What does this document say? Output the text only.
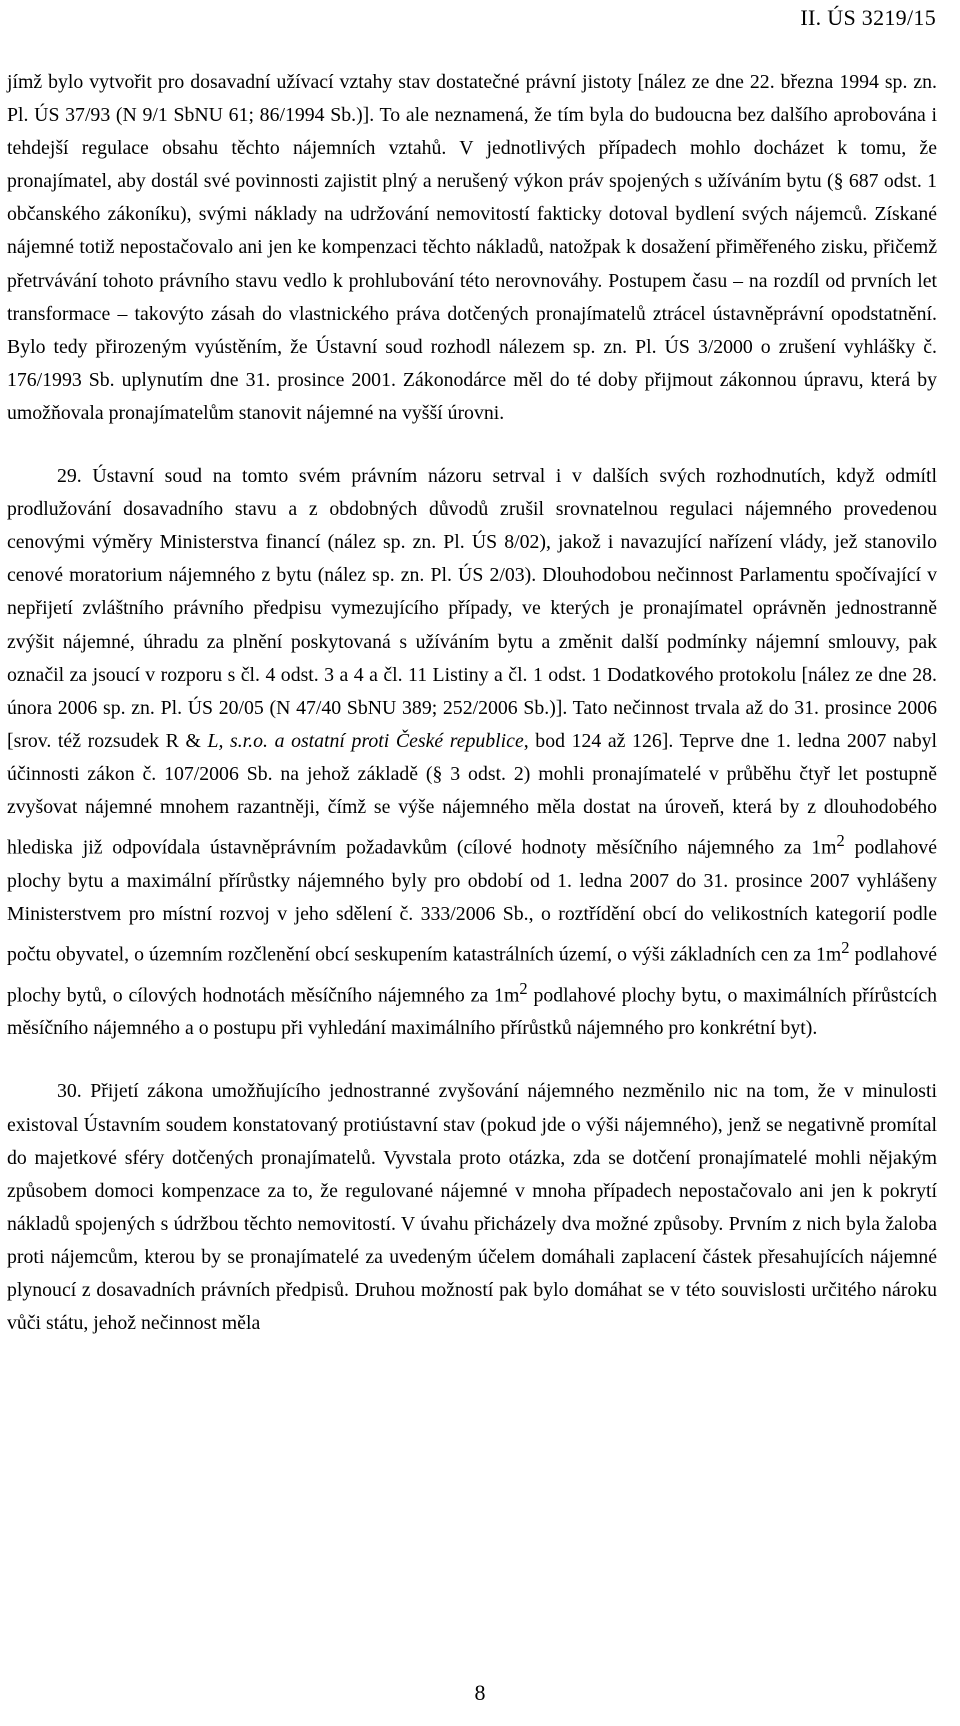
II. ÚS 3219/15

jímž bylo vytvořit pro dosavadní užívací vztahy stav dostatečné právní jistoty [nález ze dne 22. března 1994 sp. zn. Pl. ÚS 37/93 (N 9/1 SbNU 61; 86/1994 Sb.)]. To ale neznamená, že tím byla do budoucna bez dalšího aprobována i tehdejší regulace obsahu těchto nájemních vztahů. V jednotlivých případech mohlo docházet k tomu, že pronajímatel, aby dostál své povinnosti zajistit plný a nerušený výkon práv spojených s užíváním bytu (§ 687 odst. 1 občanského zákoníku), svými náklady na udržování nemovitostí fakticky dotoval bydlení svých nájemců. Získané nájemné totiž nepostačovalo ani jen ke kompenzaci těchto nákladů, natožpak k dosažení přiměřeného zisku, přičemž přetrvávání tohoto právního stavu vedlo k prohlubování této nerovnováhy. Postupem času – na rozdíl od prvních let transformace – takovýto zásah do vlastnického práva dotčených pronajímatelů ztrácel ústavněprávní opodstatnění. Bylo tedy přirozeným vyústěním, že Ústavní soud rozhodl nálezem sp. zn. Pl. ÚS 3/2000 o zrušení vyhlášky č. 176/1993 Sb. uplynutím dne 31. prosince 2001. Zákonodárce měl do té doby přijmout zákonnou úpravu, která by umožňovala pronajímatelům stanovit nájemné na vyšší úrovni.

29. Ústavní soud na tomto svém právním názoru setrval i v dalších svých rozhodnutích, když odmítl prodlužování dosavadního stavu a z obdobných důvodů zrušil srovnatelnou regulaci nájemného provedenou cenovými výměry Ministerstva financí (nález sp. zn. Pl. ÚS 8/02), jakož i navazující nařízení vlády, jež stanovilo cenové moratorium nájemného z bytu (nález sp. zn. Pl. ÚS 2/03). Dlouhodobou nečinnost Parlamentu spočívající v nepřijetí zvláštního právního předpisu vymezujícího případy, ve kterých je pronajímatel oprávněn jednostranně zvýšit nájemné, úhradu za plnění poskytovaná s užíváním bytu a změnit další podmínky nájemní smlouvy, pak označil za jsoucí v rozporu s čl. 4 odst. 3 a 4 a čl. 11 Listiny a čl. 1 odst. 1 Dodatkového protokolu [nález ze dne 28. února 2006 sp. zn. Pl. ÚS 20/05 (N 47/40 SbNU 389; 252/2006 Sb.)]. Tato nečinnost trvala až do 31. prosince 2006 [srov. též rozsudek R & L, s.r.o. a ostatní proti České republice, bod 124 až 126]. Teprve dne 1. ledna 2007 nabyl účinnosti zákon č. 107/2006 Sb. na jehož základě (§ 3 odst. 2) mohli pronajímatelé v průběhu čtyř let postupně zvyšovat nájemné mnohem razantněji, čímž se výše nájemného měla dostat na úroveň, která by z dlouhodobého hlediska již odpovídala ústavněprávním požadavkům (cílové hodnoty měsíčního nájemného za $1m^2$ podlahové plochy bytu a maximální přírůstky nájemného byly pro období od 1. ledna 2007 do 31. prosince 2007 vyhlášeny Ministerstvem pro místní rozvoj v jeho sdělení č. 333/2006 Sb., o roztřídění obcí do velikostních kategorií podle počtu obyvatel, o územním rozčlenění obcí seskupením katastrálních území, o výši základních cen za $1m^2$ podlahové plochy bytů, o cílových hodnotách měsíčního nájemného za $1m^2$ podlahové plochy bytu, o maximálních přírůstcích měsíčního nájemného a o postupu při vyhledání maximálního přírůstků nájemného pro konkrétní byt).

30. Přijetí zákona umožňujícího jednostranné zvyšování nájemného nezměnilo nic na tom, že v minulosti existoval Ústavním soudem konstatovaný protiústavní stav (pokud jde o výši nájemného), jenž se negativně promítal do majetkové sféry dotčených pronajímatelů. Vyvstala proto otázka, zda se dotčení pronajímatelé mohli nějakým způsobem domoci kompenzace za to, že regulované nájemné v mnoha případech nepostačovalo ani jen k pokrytí nákladů spojených s údržbou těchto nemovitostí. V úvahu přicházely dva možné způsoby. Prvním z nich byla žaloba proti nájemcům, kterou by se pronajímatelé za uvedeným účelem domáhali zaplacení částek přesahujících nájemné plynoucí z dosavadních právních předpisů. Druhou možností pak bylo domáhat se v této souvislosti určitého nároku vůči státu, jehož nečinnost měla

8
